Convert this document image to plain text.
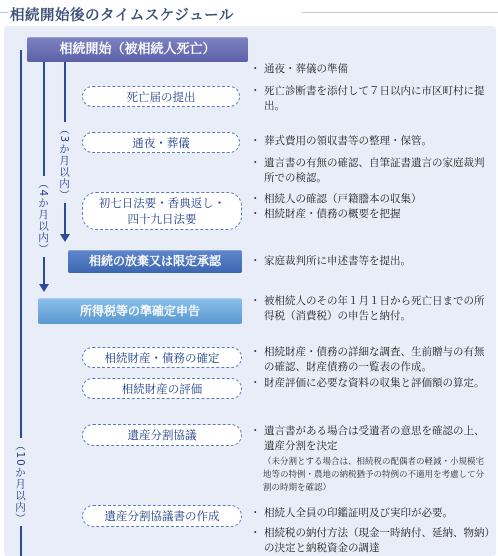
相続開始後のタイムスケジュール
（3か月以内）
（4か月以内）
（10か月以内）
相続開始（被相続人死亡）
相続の放棄又は限定承認
所得税等の準確定申告
死亡届の提出
通夜・葬儀
初七日法要・香典返し・
四十九日法要
相続財産・債務の確定
相続財産の評価
遺産分割協議
遺産分割協議書の作成
・ 通夜・葬儀の準備
・ 死亡診断書を添付して７日以内に市区町村に提出。
・ 葬式費用の領収書等の整理・保管。
・ 遺言書の有無の確認、自筆証書遺言の家庭裁判所での検認。
・ 相続人の確認（戸籍謄本の収集）
・ 相続財産・債務の概要を把握
・ 家庭裁判所に申述書等を提出。
・ 被相続人のその年１月１日から死亡日までの所得税（消費税）の申告と納付。
・ 相続財産・債務の詳細な調査、生前贈与の有無の確認、財産債務の一覧表の作成。
・ 財産評価に必要な資料の収集と評価額の算定。
・ 遺言書がある場合は受遺者の意思を確認の上、遺産分割を決定
（未分割とする場合は、相続税の配偶者の軽減・小規模宅地等の特例・農地の納税猶予の特例の不適用を考慮して分割の時期を確認）
・ 相続人全員の印鑑証明及び実印が必要。
・ 相続税の納付方法（現金一時納付、延納、物納）の決定と納税資金の調達
